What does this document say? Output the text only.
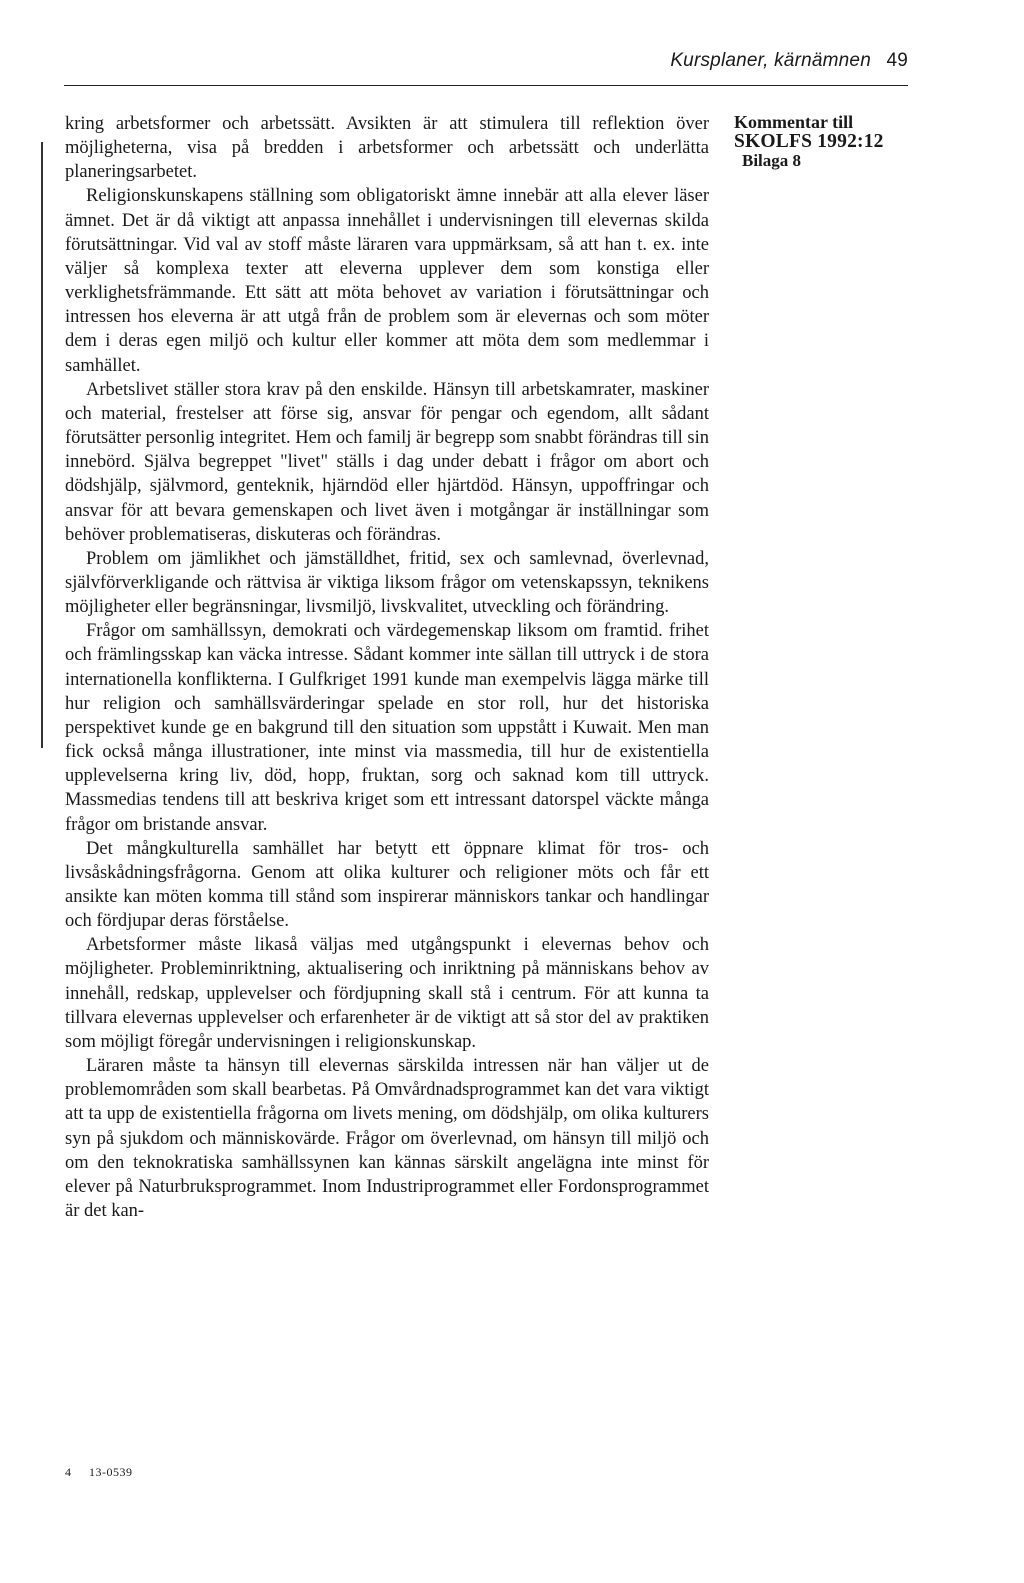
Kursplaner, kärnämnen 49
Kommentar till
SKOLFS 1992:12
Bilaga 8

kring arbetsformer och arbetssätt. Avsikten är att stimulera till reflektion över möjligheterna, visa på bredden i arbetsformer och arbetssätt och underlätta planeringsarbetet.

Religionskunskapens ställning som obligatoriskt ämne innebär att alla elever läser ämnet. Det är då viktigt att anpassa innehållet i undervisningen till elevernas skilda förutsättningar. Vid val av stoff måste läraren vara uppmärksam, så att han t. ex. inte väljer så komplexa texter att eleverna upplever dem som konstiga eller verklighetsfrämmande. Ett sätt att möta behovet av variation i förutsättningar och intressen hos eleverna är att utgå från de problem som är elevernas och som möter dem i deras egen miljö och kultur eller kommer att möta dem som medlemmar i samhället.

Arbetslivet ställer stora krav på den enskilde. Hänsyn till arbetskamrater, maskiner och material, frestelser att förse sig, ansvar för pengar och egendom, allt sådant förutsätter personlig integritet. Hem och familj är begrepp som snabbt förändras till sin innebörd. Själva begreppet "livet" ställs i dag under debatt i frågor om abort och dödshjälp, självmord, genteknik, hjärndöd eller hjärtdöd. Hänsyn, uppoffringar och ansvar för att bevara gemenskapen och livet även i motgångar är inställningar som behöver problematiseras, diskuteras och förändras.

Problem om jämlikhet och jämställdhet, fritid, sex och samlevnad, överlevnad, självförverkligande och rättvisa är viktiga liksom frågor om vetenskapssyn, teknikens möjligheter eller begränsningar, livsmiljö, livskvalitet, utveckling och förändring.

Frågor om samhällssyn, demokrati och värdegemenskap liksom om framtid. frihet och främlingsskap kan väcka intresse. Sådant kommer inte sällan till uttryck i de stora internationella konflikterna. I Gulfkriget 1991 kunde man exempelvis lägga märke till hur religion och samhällsvärderingar spelade en stor roll, hur det historiska perspektivet kunde ge en bakgrund till den situation som uppstått i Kuwait. Men man fick också många illustrationer, inte minst via massmedia, till hur de existentiella upplevelserna kring liv, död, hopp, fruktan, sorg och saknad kom till uttryck. Massmedias tendens till att beskriva kriget som ett intressant datorspel väckte många frågor om bristande ansvar.

Det mångkulturella samhället har betytt ett öppnare klimat för tros- och livsåskådningsfrågorna. Genom att olika kulturer och religioner möts och får ett ansikte kan möten komma till stånd som inspirerar människors tankar och handlingar och fördjupar deras förståelse.

Arbetsformer måste likaså väljas med utgångspunkt i elevernas behov och möjligheter. Probleminriktning, aktualisering och inriktning på människans behov av innehåll, redskap, upplevelser och fördjupning skall stå i centrum. För att kunna ta tillvara elevernas upplevelser och erfarenheter är de viktigt att så stor del av praktiken som möjligt föregår undervisningen i religionskunskap.

Läraren måste ta hänsyn till elevernas särskilda intressen när han väljer ut de problemområden som skall bearbetas. På Omvårdnadsprogrammet kan det vara viktigt att ta upp de existentiella frågorna om livets mening, om dödshjälp, om olika kulturers syn på sjukdom och människovärde. Frågor om överlevnad, om hänsyn till miljö och om den teknokratiska samhällssynen kan kännas särskilt angelägna inte minst för elever på Naturbruksprogrammet. Inom Industriprogrammet eller Fordonsprogrammet är det kan-

4 13-0539
